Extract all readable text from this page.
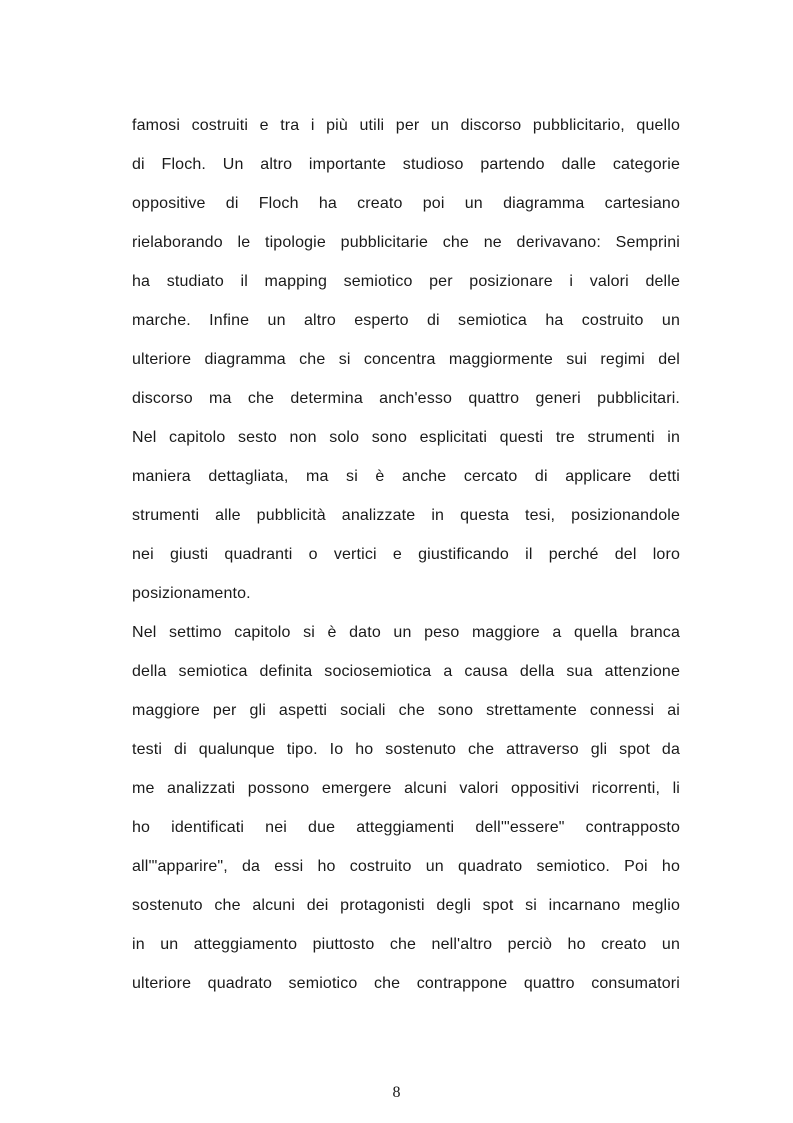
famosi costruiti e tra i più utili per un discorso pubblicitario, quello
di Floch. Un altro importante studioso partendo dalle categorie
oppositive di Floch ha creato poi un diagramma cartesiano
rielaborando le tipologie pubblicitarie che ne derivavano: Semprini
ha studiato il mapping semiotico per posizionare i valori delle
marche. Infine un altro esperto di semiotica ha costruito un
ulteriore diagramma che si concentra maggiormente sui regimi del
discorso ma che determina anch'esso quattro generi pubblicitari.
Nel capitolo sesto non solo sono esplicitati questi tre strumenti in
maniera dettagliata, ma si è anche cercato di applicare detti
strumenti alle pubblicità analizzate in questa tesi, posizionandole
nei giusti quadranti o vertici e giustificando il perché del loro
posizionamento.
Nel settimo capitolo si è dato un peso maggiore a quella branca
della semiotica definita sociosemiotica a causa della sua attenzione
maggiore per gli aspetti sociali che sono strettamente connessi ai
testi di qualunque tipo. Io ho sostenuto che attraverso gli spot da
me analizzati possono emergere alcuni valori oppositivi ricorrenti, li
ho identificati nei due atteggiamenti dell'"essere" contrapposto
all'"apparire", da essi ho costruito un quadrato semiotico. Poi ho
sostenuto che alcuni dei protagonisti degli spot si incarnano meglio
in un atteggiamento piuttosto che nell'altro perciò ho creato un
ulteriore quadrato semiotico che contrappone quattro consumatori
8
